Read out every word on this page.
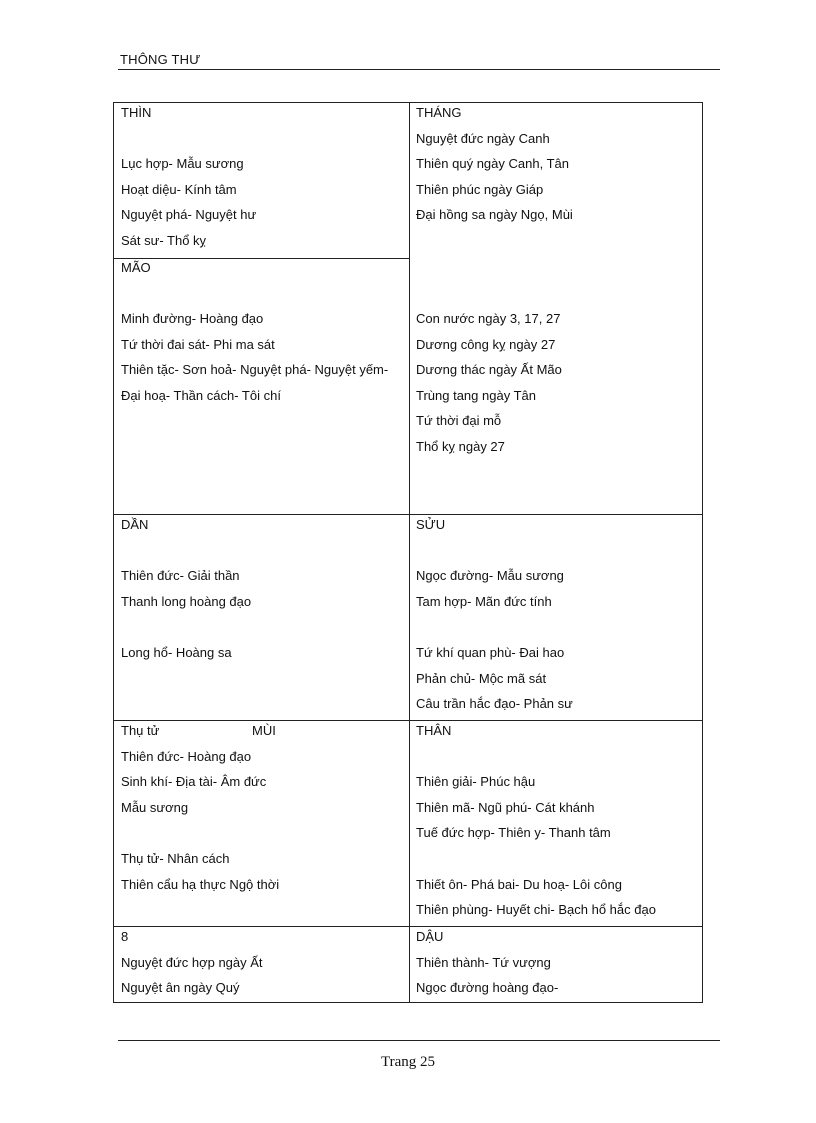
THÔNG THƯ
THÌN
Lục hợp- Mẫu sương
Hoạt diệu- Kính tâm
Nguyệt phá- Nguyệt hư
Sát sư- Thổ kỵ
THÁNG
Nguyệt đức ngày Canh
Thiên quý ngày Canh, Tân
Thiên phúc ngày Giáp
Đại hồng sa ngày Ngọ, Mùi
MÃO
Minh đường- Hoàng đạo
Tứ thời đai sát- Phi ma sát
Thiên tặc- Sơn hoả- Nguyệt phá- Nguyệt yếm-
Đại hoạ- Thần cách- Tôi chí
Con nước ngày 3, 17, 27
Dương công kỵ ngày 27
Dương thác ngày Ất Mão
Trùng tang ngày Tân
Tứ thời đại mỗ
Thổ kỵ ngày 27
DẦN
Thiên đức- Giải thần
Thanh long hoàng đạo
Long hổ- Hoàng sa
SỬU
Ngọc đường- Mẫu sương
Tam hợp- Mãn đức tính
Tứ khí quan phù- Đai hao
Phản chủ- Mộc mã sát
Câu trần hắc đạo- Phản sư
Thụ tử	MÙI
Thiên đức- Hoàng đạo
Sinh khí- Địa tài- Âm đức
Mẫu sương
Thụ tử- Nhân cách
Thiên cẩu hạ thực Ngộ thời
THÂN
Thiên giải- Phúc hậu
Thiên mã- Ngũ phú- Cát khánh
Tuế đức hợp- Thiên y- Thanh tâm
Thiết ôn- Phá bai- Du hoạ- Lôi công
Thiên phùng- Huyết chi- Bạch hổ hắc đạo
8
Nguyệt đức hợp ngày Ất
Nguyệt ân ngày Quý
DẬU
Thiên thành- Tứ vượng
Ngọc đường hoàng đạo-
Trang 25
